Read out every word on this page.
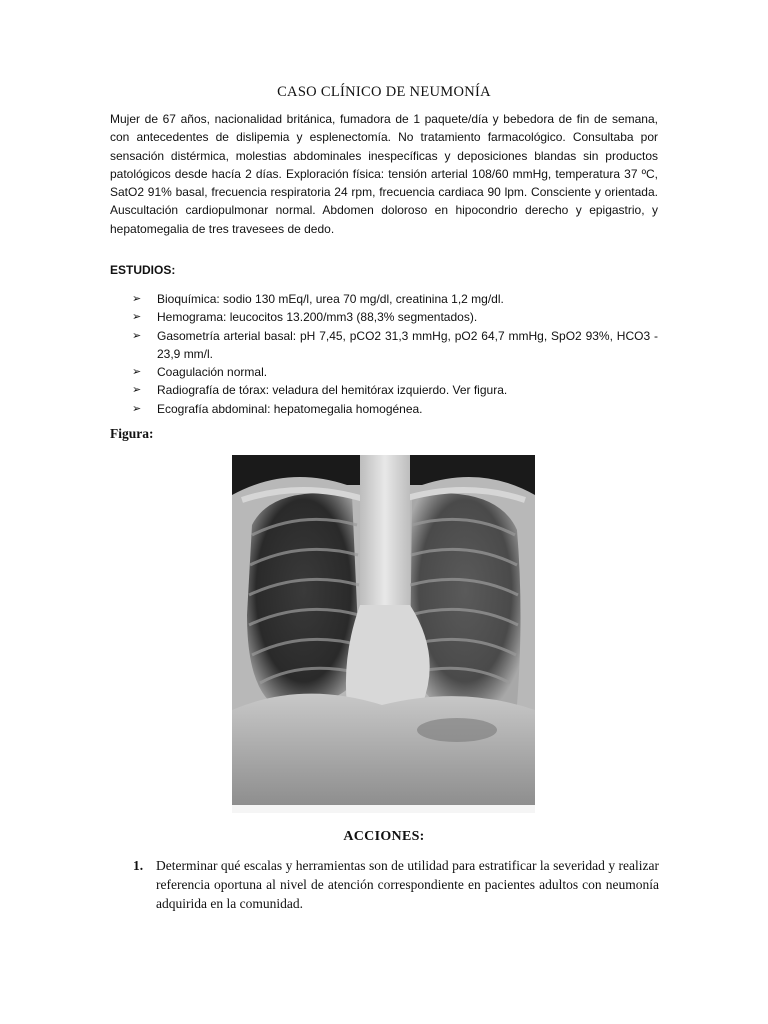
CASO CLÍNICO DE NEUMONÍA

Mujer de 67 años, nacionalidad británica, fumadora de 1 paquete/día y bebedora de fin de semana, con antecedentes de dislipemia y esplenectomía. No tratamiento farmacológico. Consultaba por sensación distérmica, molestias abdominales inespecíficas y deposiciones blandas sin productos patológicos desde hacía 2 días. Exploración física: tensión arterial 108/60 mmHg, temperatura 37 ºC, SatO2 91% basal, frecuencia respiratoria 24 rpm, frecuencia cardiaca 90 lpm. Consciente y orientada. Auscultación cardiopulmonar normal. Abdomen doloroso en hipocondrio derecho y epigastrio, y hepatomegalia de tres travesees de dedo.

ESTUDIOS:
➢ Bioquímica: sodio 130 mEq/l, urea 70 mg/dl, creatinina 1,2 mg/dl.
➢ Hemograma: leucocitos 13.200/mm3 (88,3% segmentados).
➢ Gasometría arterial basal: pH 7,45, pCO2 31,3 mmHg, pO2 64,7 mmHg, SpO2 93%, HCO3 - 23,9 mm/l.
➢ Coagulación normal.
➢ Radiografía de tórax: veladura del hemitórax izquierdo. Ver figura.
➢ Ecografía abdominal: hepatomegalia homogénea.
Figura:
ACCIONES:
1. Determinar qué escalas y herramientas son de utilidad para estratificar la severidad y realizar referencia oportuna al nivel de atención correspondiente en pacientes adultos con neumonía adquirida en la comunidad.
